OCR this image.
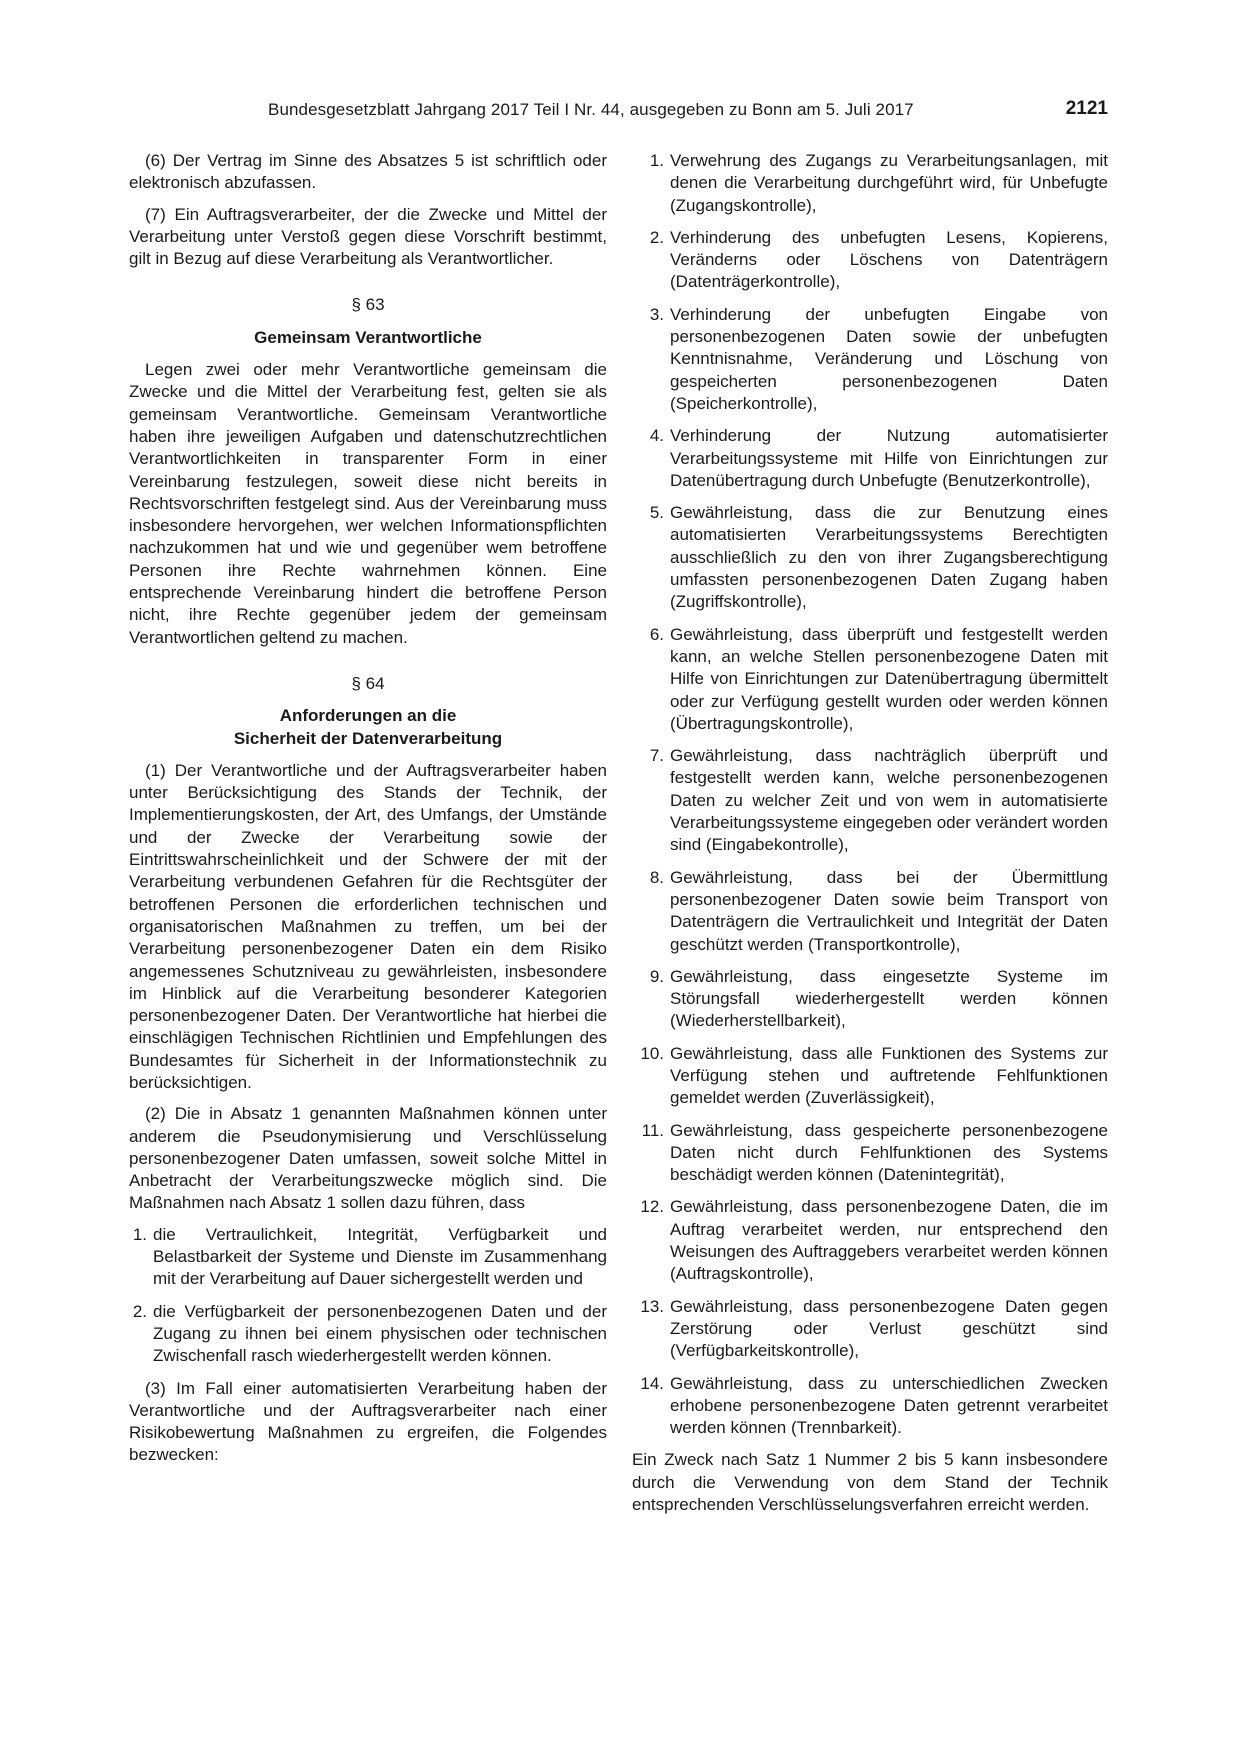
Bundesgesetzblatt Jahrgang 2017 Teil I Nr. 44, ausgegeben zu Bonn am 5. Juli 2017	2121

(6) Der Vertrag im Sinne des Absatzes 5 ist schriftlich oder elektronisch abzufassen.

(7) Ein Auftragsverarbeiter, der die Zwecke und Mittel der Verarbeitung unter Verstoß gegen diese Vorschrift bestimmt, gilt in Bezug auf diese Verarbeitung als Verantwortlicher.

§ 63
Gemeinsam Verantwortliche

Legen zwei oder mehr Verantwortliche gemeinsam die Zwecke und die Mittel der Verarbeitung fest, gelten sie als gemeinsam Verantwortliche. Gemeinsam Verantwortliche haben ihre jeweiligen Aufgaben und datenschutzrechtlichen Verantwortlichkeiten in transparenter Form in einer Vereinbarung festzulegen, soweit diese nicht bereits in Rechtsvorschriften festgelegt sind. Aus der Vereinbarung muss insbesondere hervorgehen, wer welchen Informationspflichten nachzukommen hat und wie und gegenüber wem betroffene Personen ihre Rechte wahrnehmen können. Eine entsprechende Vereinbarung hindert die betroffene Person nicht, ihre Rechte gegenüber jedem der gemeinsam Verantwortlichen geltend zu machen.

§ 64
Anforderungen an die
Sicherheit der Datenverarbeitung

(1) Der Verantwortliche und der Auftragsverarbeiter haben unter Berücksichtigung des Stands der Technik, der Implementierungskosten, der Art, des Umfangs, der Umstände und der Zwecke der Verarbeitung sowie der Eintrittswahrscheinlichkeit und der Schwere der mit der Verarbeitung verbundenen Gefahren für die Rechtsgüter der betroffenen Personen die erforderlichen technischen und organisatorischen Maßnahmen zu treffen, um bei der Verarbeitung personenbezogener Daten ein dem Risiko angemessenes Schutzniveau zu gewährleisten, insbesondere im Hinblick auf die Verarbeitung besonderer Kategorien personenbezogener Daten. Der Verantwortliche hat hierbei die einschlägigen Technischen Richtlinien und Empfehlungen des Bundesamtes für Sicherheit in der Informationstechnik zu berücksichtigen.

(2) Die in Absatz 1 genannten Maßnahmen können unter anderem die Pseudonymisierung und Verschlüsselung personenbezogener Daten umfassen, soweit solche Mittel in Anbetracht der Verarbeitungszwecke möglich sind. Die Maßnahmen nach Absatz 1 sollen dazu führen, dass

1. die Vertraulichkeit, Integrität, Verfügbarkeit und Belastbarkeit der Systeme und Dienste im Zusammenhang mit der Verarbeitung auf Dauer sichergestellt werden und
2. die Verfügbarkeit der personenbezogenen Daten und der Zugang zu ihnen bei einem physischen oder technischen Zwischenfall rasch wiederhergestellt werden können.

(3) Im Fall einer automatisierten Verarbeitung haben der Verantwortliche und der Auftragsverarbeiter nach einer Risikobewertung Maßnahmen zu ergreifen, die Folgendes bezwecken:

1. Verwehrung des Zugangs zu Verarbeitungsanlagen, mit denen die Verarbeitung durchgeführt wird, für Unbefugte (Zugangskontrolle),
2. Verhinderung des unbefugten Lesens, Kopierens, Veränderns oder Löschens von Datenträgern (Datenträgerkontrolle),
3. Verhinderung der unbefugten Eingabe von personenbezogenen Daten sowie der unbefugten Kenntnisnahme, Veränderung und Löschung von gespeicherten personenbezogenen Daten (Speicherkontrolle),
4. Verhinderung der Nutzung automatisierter Verarbeitungssysteme mit Hilfe von Einrichtungen zur Datenübertragung durch Unbefugte (Benutzerkontrolle),
5. Gewährleistung, dass die zur Benutzung eines automatisierten Verarbeitungssystems Berechtigten ausschließlich zu den von ihrer Zugangsberechtigung umfassten personenbezogenen Daten Zugang haben (Zugriffskontrolle),
6. Gewährleistung, dass überprüft und festgestellt werden kann, an welche Stellen personenbezogene Daten mit Hilfe von Einrichtungen zur Datenübertragung übermittelt oder zur Verfügung gestellt wurden oder werden können (Übertragungskontrolle),
7. Gewährleistung, dass nachträglich überprüft und festgestellt werden kann, welche personenbezogenen Daten zu welcher Zeit und von wem in automatisierte Verarbeitungssysteme eingegeben oder verändert worden sind (Eingabekontrolle),
8. Gewährleistung, dass bei der Übermittlung personenbezogener Daten sowie beim Transport von Datenträgern die Vertraulichkeit und Integrität der Daten geschützt werden (Transportkontrolle),
9. Gewährleistung, dass eingesetzte Systeme im Störungsfall wiederhergestellt werden können (Wiederherstellbarkeit),
10. Gewährleistung, dass alle Funktionen des Systems zur Verfügung stehen und auftretende Fehlfunktionen gemeldet werden (Zuverlässigkeit),
11. Gewährleistung, dass gespeicherte personenbezogene Daten nicht durch Fehlfunktionen des Systems beschädigt werden können (Datenintegrität),
12. Gewährleistung, dass personenbezogene Daten, die im Auftrag verarbeitet werden, nur entsprechend den Weisungen des Auftraggebers verarbeitet werden können (Auftragskontrolle),
13. Gewährleistung, dass personenbezogene Daten gegen Zerstörung oder Verlust geschützt sind (Verfügbarkeitskontrolle),
14. Gewährleistung, dass zu unterschiedlichen Zwecken erhobene personenbezogene Daten getrennt verarbeitet werden können (Trennbarkeit).

Ein Zweck nach Satz 1 Nummer 2 bis 5 kann insbesondere durch die Verwendung von dem Stand der Technik entsprechenden Verschlüsselungsverfahren erreicht werden.
